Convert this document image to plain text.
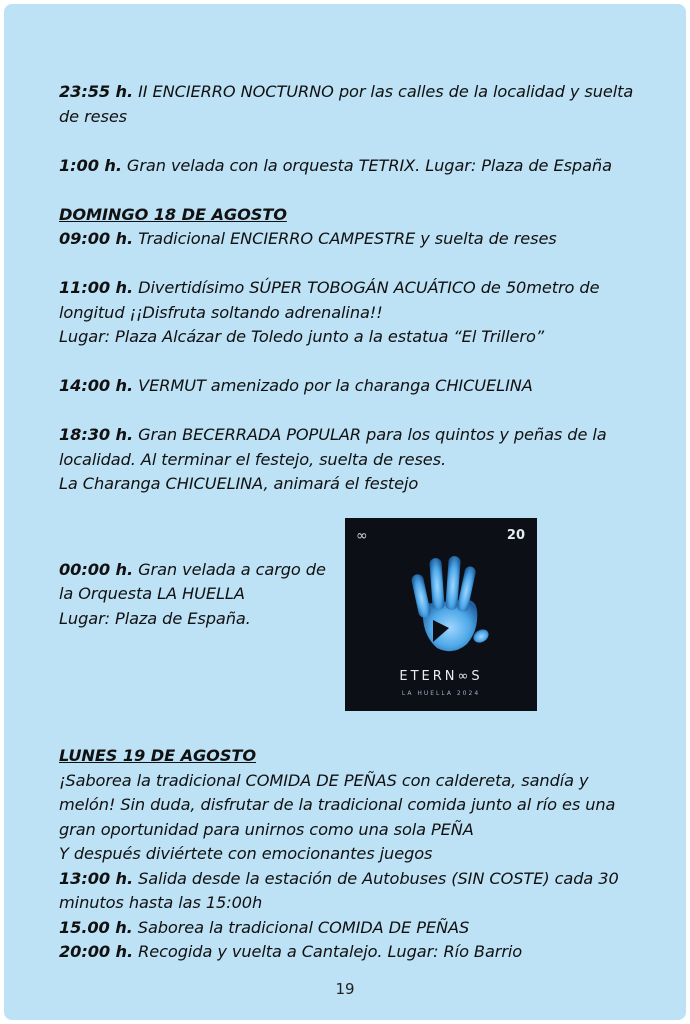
23:55 h. II ENCIERRO NOCTURNO por las calles de la localidad y suelta de reses

1:00 h. Gran velada con la orquesta TETRIX. Lugar: Plaza de España

DOMINGO 18 DE AGOSTO

09:00 h. Tradicional ENCIERRO CAMPESTRE y suelta de reses

11:00 h. Divertidísimo SÚPER TOBOGÁN ACUÁTICO de 50metro de longitud ¡¡Disfruta soltando adrenalina!!

Lugar: Plaza Alcázar de Toledo junto a la estatua “El Trillero”

14:00 h. VERMUT amenizado por la charanga CHICUELINA

18:30 h. Gran BECERRADA POPULAR para los quintos y peñas de la localidad. Al terminar el festejo, suelta de reses.

La Charanga CHICUELINA, animará el festejo

00:00 h. Gran velada a cargo de

la Orquesta LA HUELLA

Lugar: Plaza de España.

LUNES 19 DE AGOSTO

¡Saborea la tradicional COMIDA DE PEÑAS con caldereta, sandía y melón! Sin duda, disfrutar de la tradicional comida junto al río es una gran oportunidad para unirnos como una sola PEÑA

Y después diviértete con emocionantes juegos

13:00 h. Salida desde la estación de Autobuses (SIN COSTE) cada 30 minutos hasta las 15:00h

15.00 h. Saborea la tradicional COMIDA DE PEÑAS

20:00 h. Recogida y vuelta a Cantalejo. Lugar: Río Barrio

∞	20
ETERN∞S
LA HUELLA 2024
19
